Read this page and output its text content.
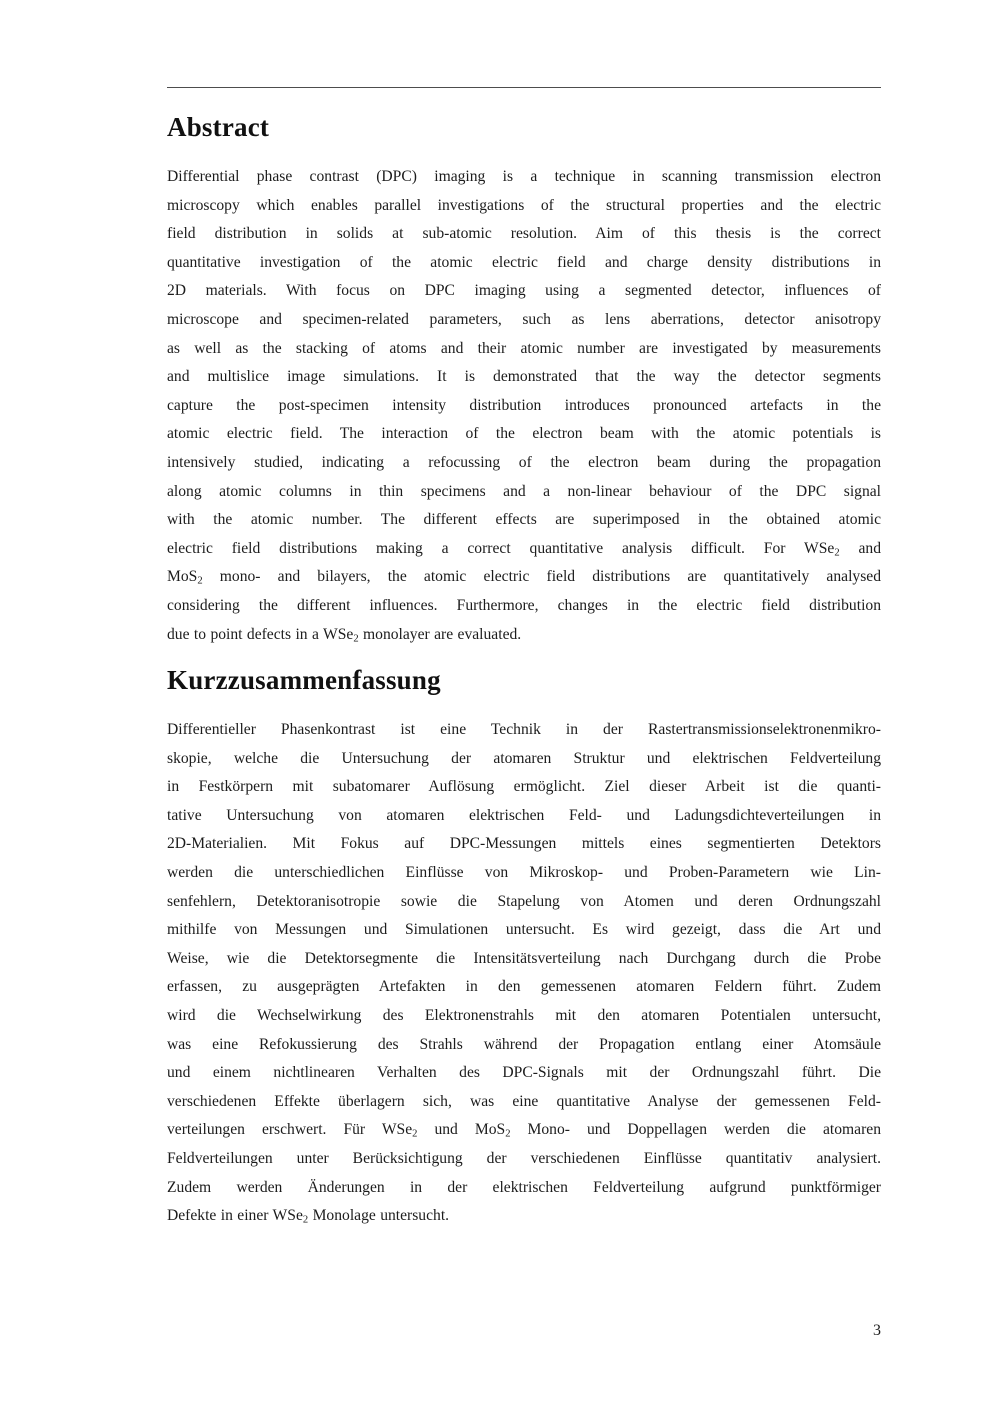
Abstract
Differential phase contrast (DPC) imaging is a technique in scanning transmission electron
microscopy which enables parallel investigations of the structural properties and the electric
field distribution in solids at sub-atomic resolution. Aim of this thesis is the correct
quantitative investigation of the atomic electric field and charge density distributions in
2D materials. With focus on DPC imaging using a segmented detector, influences of
microscope and specimen-related parameters, such as lens aberrations, detector anisotropy
as well as the stacking of atoms and their atomic number are investigated by measurements
and multislice image simulations. It is demonstrated that the way the detector segments
capture the post-specimen intensity distribution introduces pronounced artefacts in the
atomic electric field. The interaction of the electron beam with the atomic potentials is
intensively studied, indicating a refocussing of the electron beam during the propagation
along atomic columns in thin specimens and a non-linear behaviour of the DPC signal
with the atomic number. The different effects are superimposed in the obtained atomic
electric field distributions making a correct quantitative analysis difficult. For WSe$_2$ and
MoS$_2$ mono- and bilayers, the atomic electric field distributions are quantitatively analysed
considering the different influences. Furthermore, changes in the electric field distribution
due to point defects in a WSe$_2$ monolayer are evaluated.
Kurzzusammenfassung
Differentieller Phasenkontrast ist eine Technik in der Rastertransmissionselektronenmikro-
skopie, welche die Untersuchung der atomaren Struktur und elektrischen Feldverteilung
in Festkörpern mit subatomarer Auflösung ermöglicht. Ziel dieser Arbeit ist die quanti-
tative Untersuchung von atomaren elektrischen Feld- und Ladungsdichteverteilungen in
2D-Materialien. Mit Fokus auf DPC-Messungen mittels eines segmentierten Detektors
werden die unterschiedlichen Einflüsse von Mikroskop- und Proben-Parametern wie Lin-
senfehlern, Detektoranisotropie sowie die Stapelung von Atomen und deren Ordnungszahl
mithilfe von Messungen und Simulationen untersucht. Es wird gezeigt, dass die Art und
Weise, wie die Detektorsegmente die Intensitätsverteilung nach Durchgang durch die Probe
erfassen, zu ausgeprägten Artefakten in den gemessenen atomaren Feldern führt. Zudem
wird die Wechselwirkung des Elektronenstrahls mit den atomaren Potentialen untersucht,
was eine Refokussierung des Strahls während der Propagation entlang einer Atomsäule
und einem nichtlinearen Verhalten des DPC-Signals mit der Ordnungszahl führt. Die
verschiedenen Effekte überlagern sich, was eine quantitative Analyse der gemessenen Feld-
verteilungen erschwert. Für WSe$_2$ und MoS$_2$ Mono- und Doppellagen werden die atomaren
Feldverteilungen unter Berücksichtigung der verschiedenen Einflüsse quantitativ analysiert.
Zudem werden Änderungen in der elektrischen Feldverteilung aufgrund punktförmiger
Defekte in einer WSe$_2$ Monolage untersucht.
3
